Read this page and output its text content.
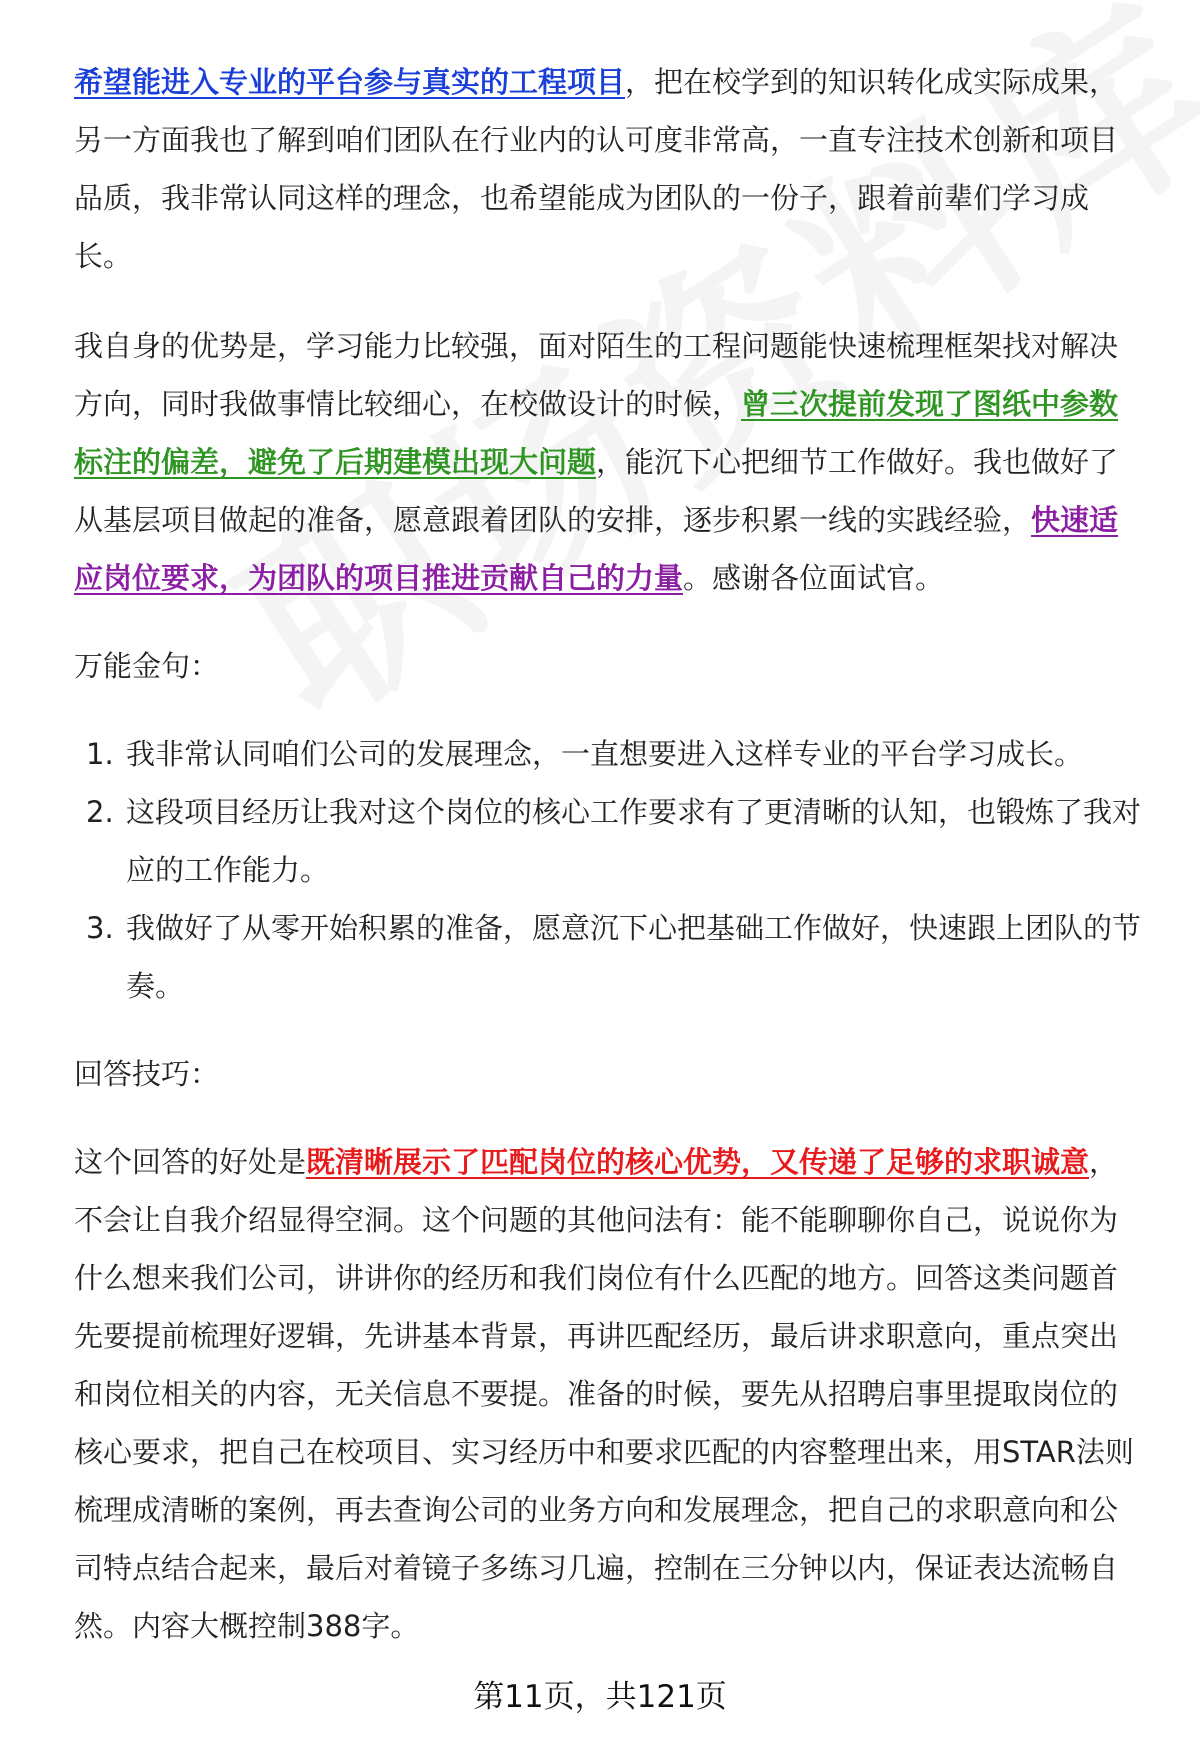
希望能进入专业的平台参与真实的工程项目，把在校学到的知识转化成实际成果，另一方面我也了解到咱们团队在行业内的认可度非常高，一直专注技术创新和项目品质，我非常认同这样的理念，也希望能成为团队的一份子，跟着前辈们学习成长。

我自身的优势是，学习能力比较强，面对陌生的工程问题能快速梳理框架找对解决方向，同时我做事情比较细心，在校做设计的时候，曾三次提前发现了图纸中参数标注的偏差，避免了后期建模出现大问题，能沉下心把细节工作做好。我也做好了从基层项目做起的准备，愿意跟着团队的安排，逐步积累一线的实践经验，快速适应岗位要求，为团队的项目推进贡献自己的力量。感谢各位面试官。

万能金句：

1. 我非常认同咱们公司的发展理念，一直想要进入这样专业的平台学习成长。
2. 这段项目经历让我对这个岗位的核心工作要求有了更清晰的认知，也锻炼了我对应的工作能力。
3. 我做好了从零开始积累的准备，愿意沉下心把基础工作做好，快速跟上团队的节奏。

回答技巧：

这个回答的好处是既清晰展示了匹配岗位的核心优势，又传递了足够的求职诚意，不会让自我介绍显得空洞。这个问题的其他问法有：能不能聊聊你自己，说说你为什么想来我们公司，讲讲你的经历和我们岗位有什么匹配的地方。回答这类问题首先要提前梳理好逻辑，先讲基本背景，再讲匹配经历，最后讲求职意向，重点突出和岗位相关的内容，无关信息不要提。准备的时候，要先从招聘启事里提取岗位的核心要求，把自己在校项目、实习经历中和要求匹配的内容整理出来，用STAR法则梳理成清晰的案例，再去查询公司的业务方向和发展理念，把自己的求职意向和公司特点结合起来，最后对着镜子多练习几遍，控制在三分钟以内，保证表达流畅自然。内容大概控制388字。

第11页，共121页
